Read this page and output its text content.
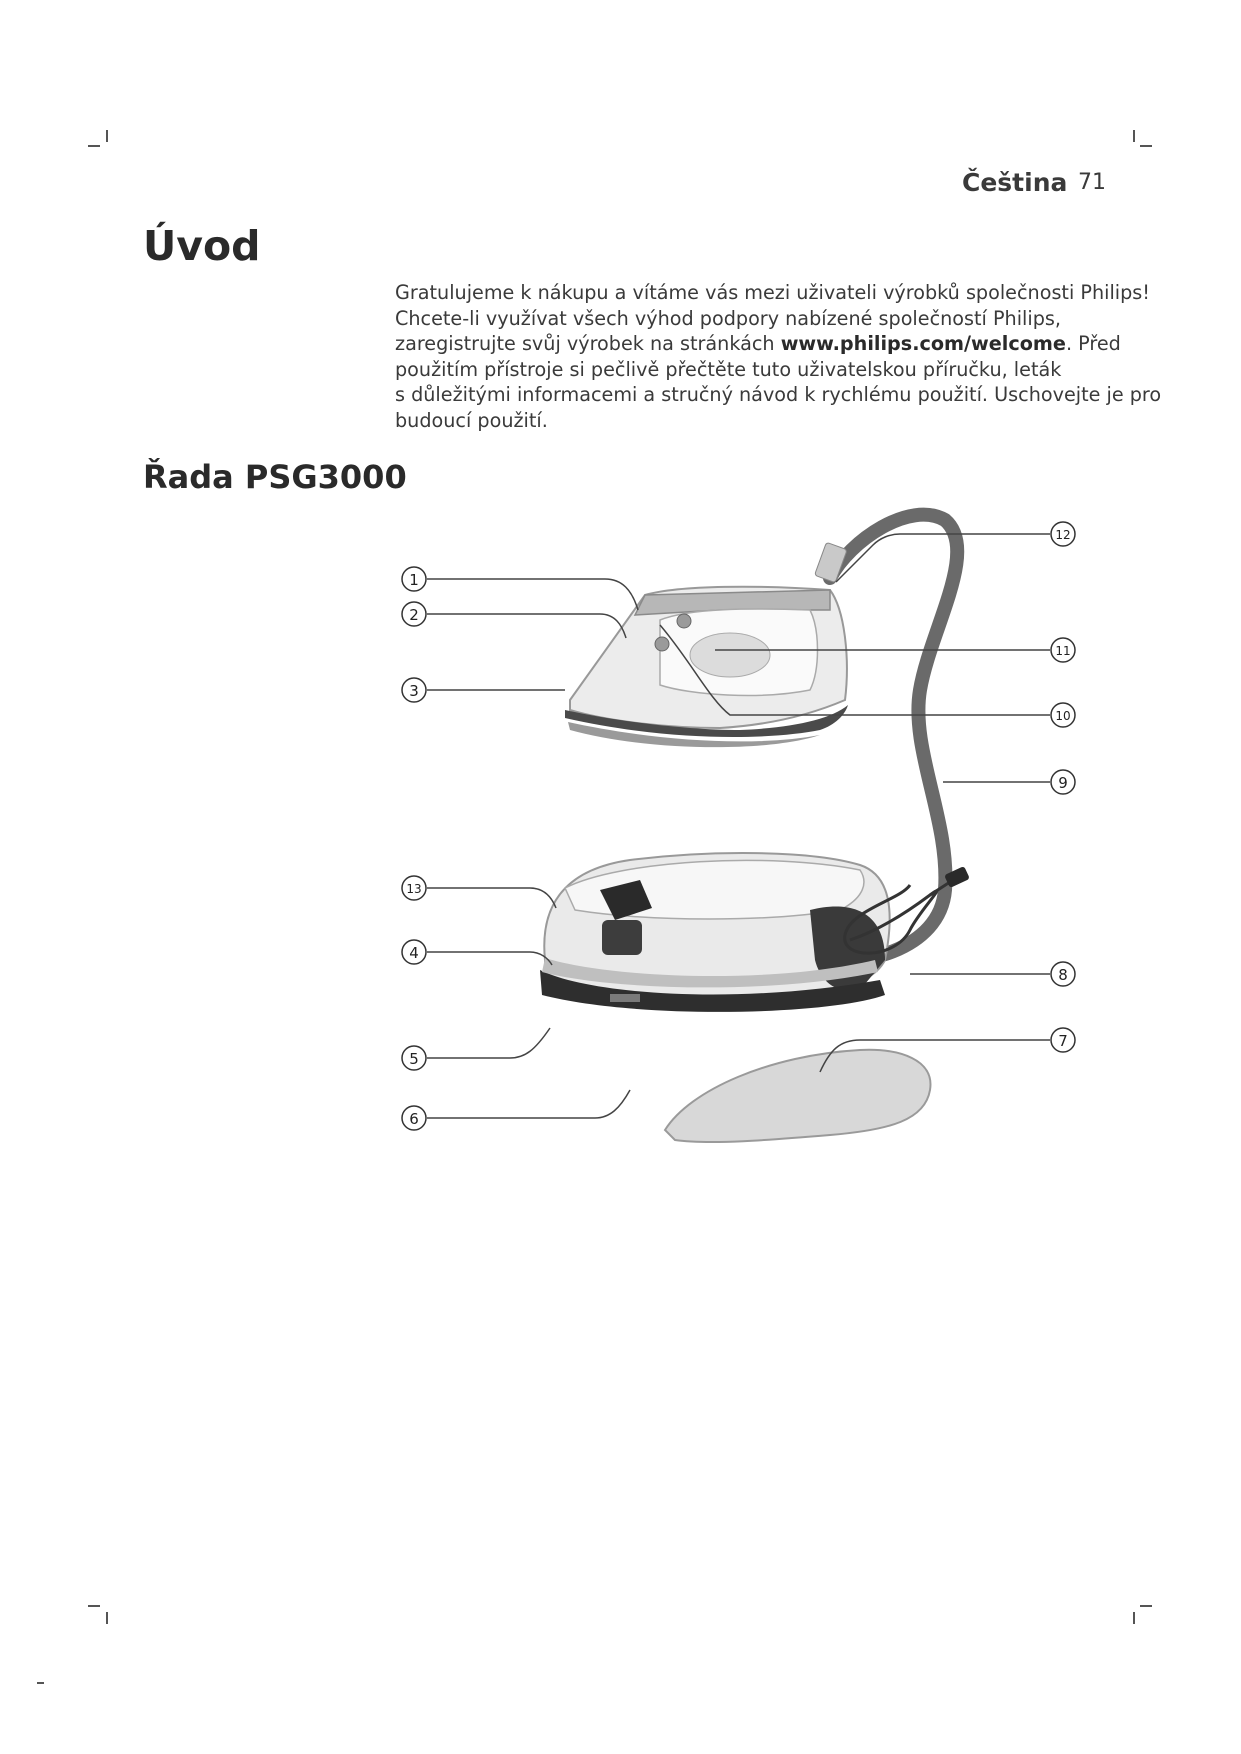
Čeština 71
Úvod
Gratulujeme k nákupu a vítáme vás mezi uživateli výrobků společnosti Philips!
Chcete-li využívat všech výhod podpory nabízené společností Philips,
zaregistrujte svůj výrobek na stránkách www.philips.com/welcome. Před
použitím přístroje si pečlivě přečtěte tuto uživatelskou příručku, leták
s důležitými informacemi a stručný návod k rychlému použití. Uschovejte je pro
budoucí použití.
Řada PSG3000
1
2
3
13
4
5
6
12
11
10
9
8
7
